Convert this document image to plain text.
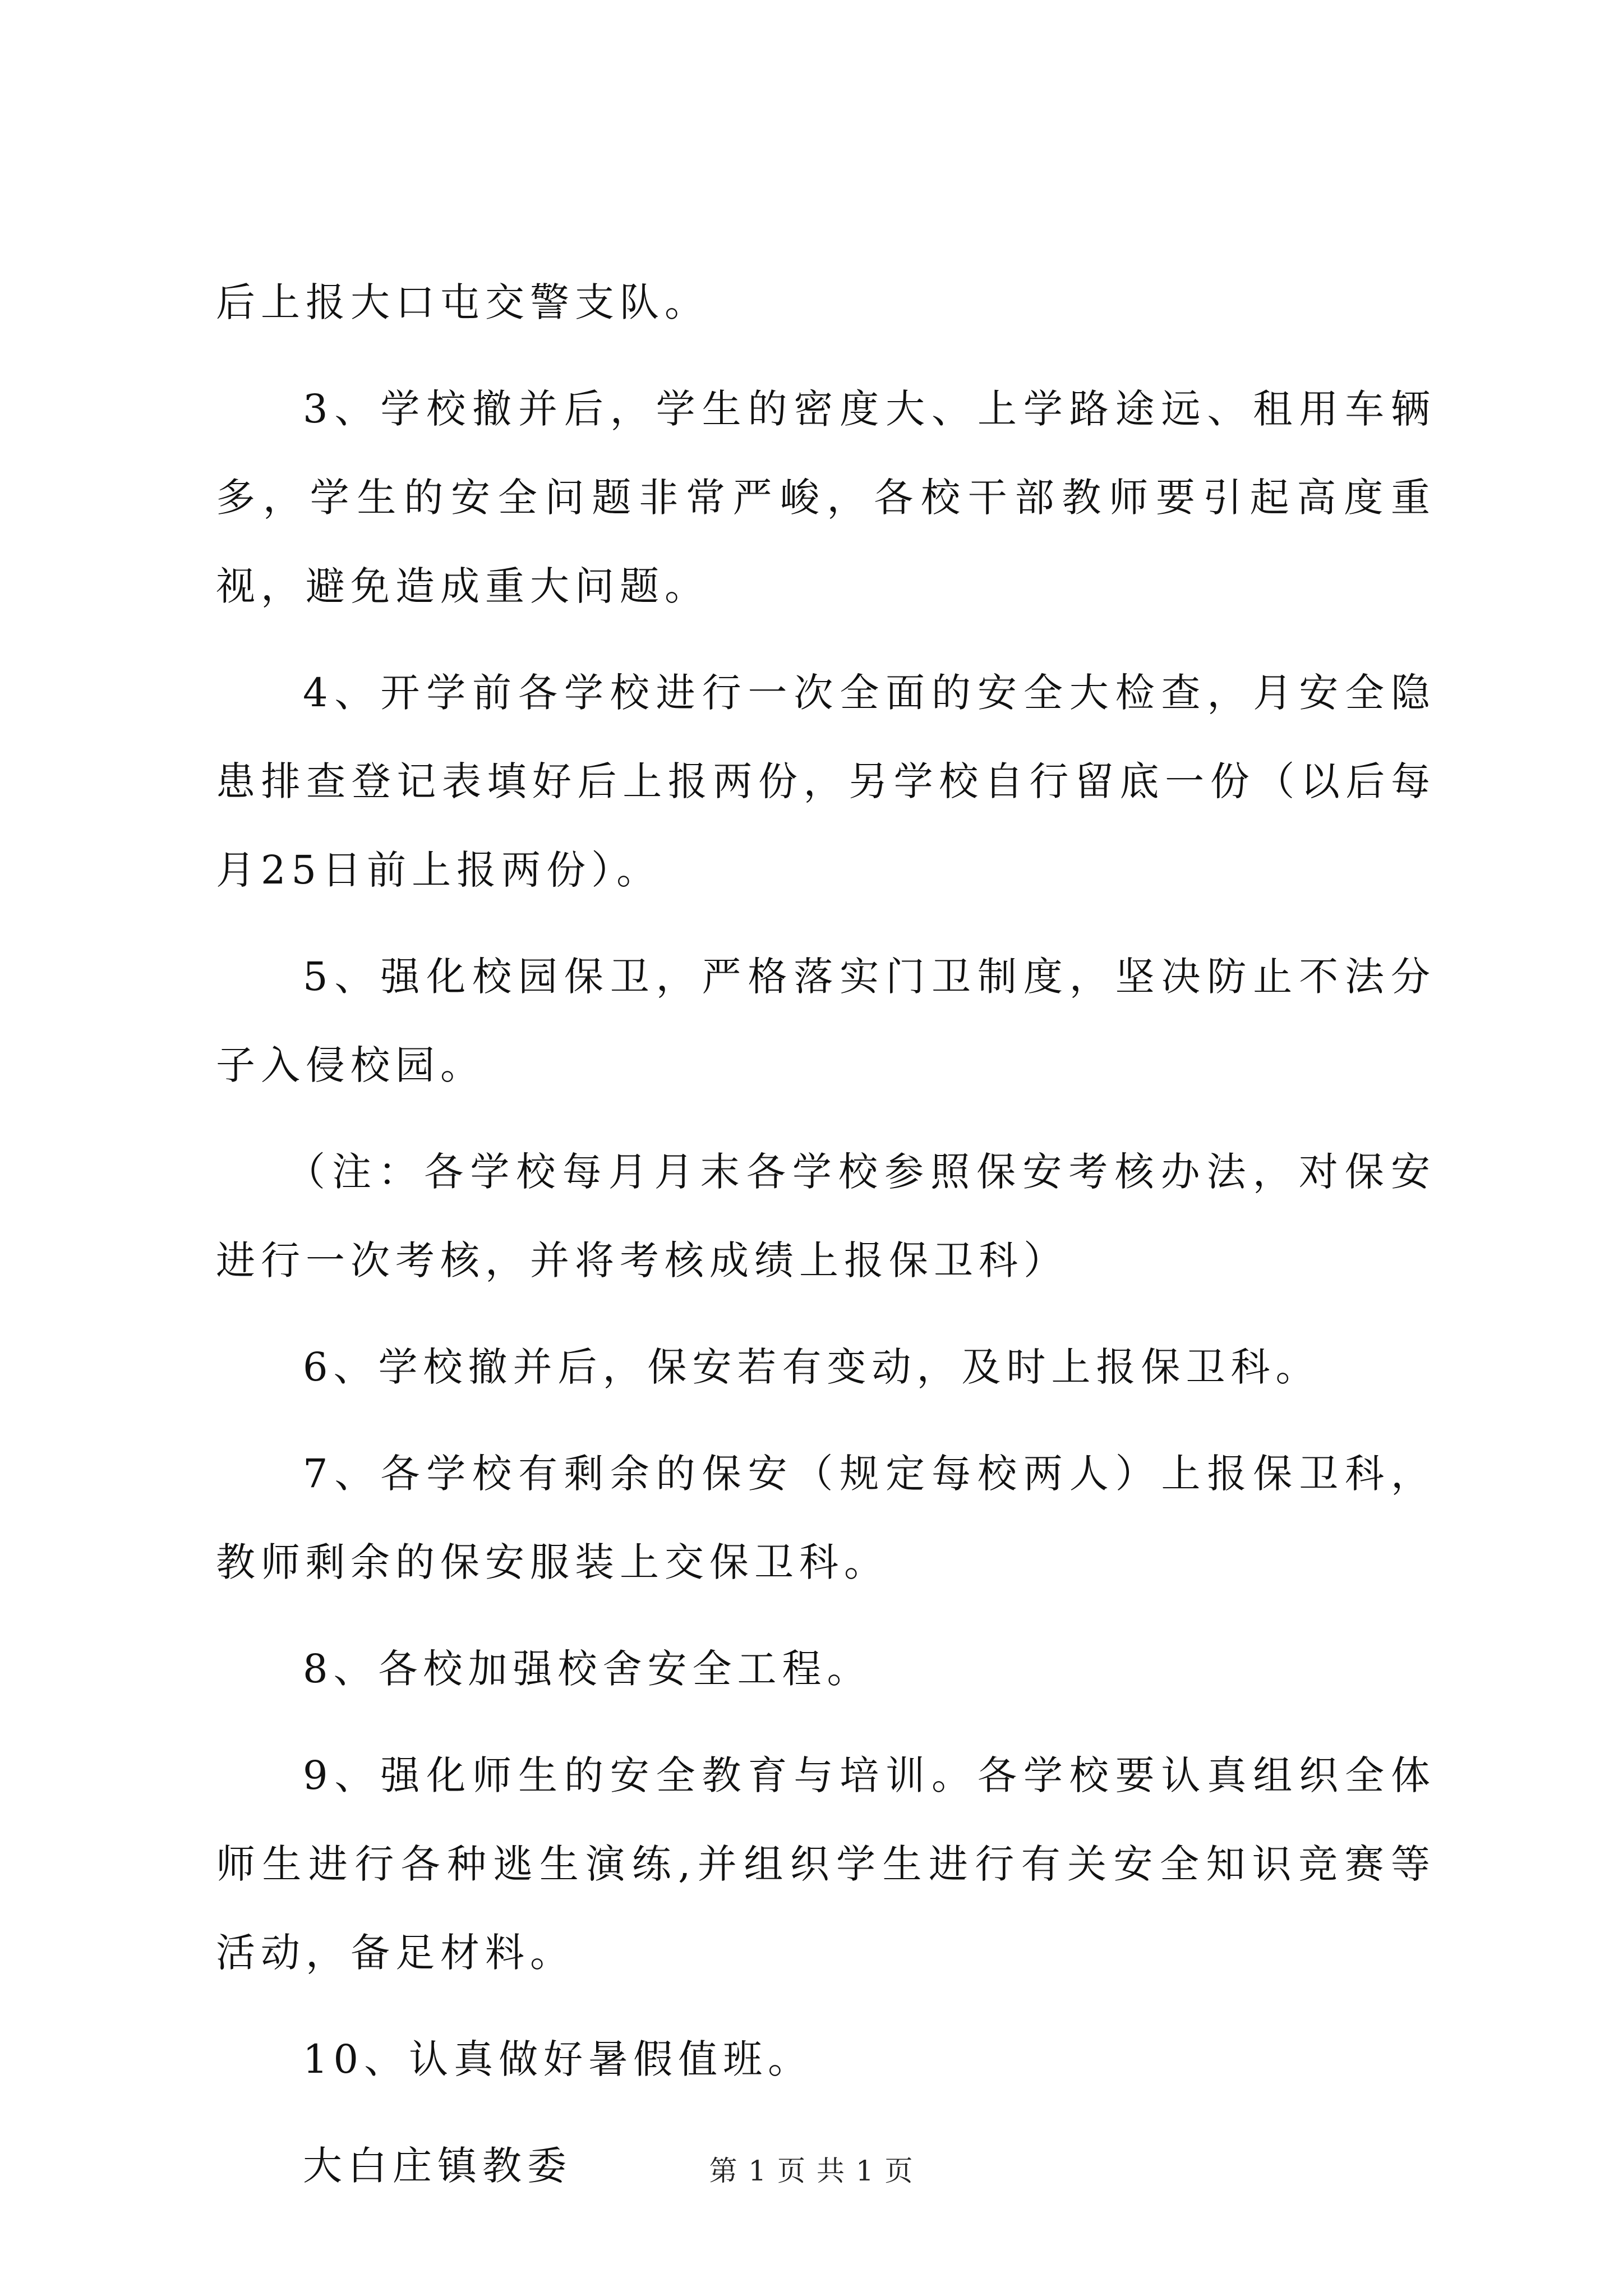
后上报大口屯交警支队。

3、学校撤并后，学生的密度大、上学路途远、租用车辆多，学生的安全问题非常严峻，各校干部教师要引起高度重视，避免造成重大问题。

4、开学前各学校进行一次全面的安全大检查，月安全隐患排查登记表填好后上报两份，另学校自行留底一份（以后每月25日前上报两份）。

5、强化校园保卫，严格落实门卫制度，坚决防止不法分子入侵校园。

（注：各学校每月月末各学校参照保安考核办法，对保安进行一次考核，并将考核成绩上报保卫科）

6、学校撤并后，保安若有变动，及时上报保卫科。

7、各学校有剩余的保安（规定每校两人）上报保卫科，教师剩余的保安服装上交保卫科。

8、各校加强校舍安全工程。

9、强化师生的安全教育与培训。各学校要认真组织全体师生进行各种逃生演练,并组织学生进行有关安全知识竞赛等活动，备足材料。

10、认真做好暑假值班。

大白庄镇教委	第 1 页 共 1 页
